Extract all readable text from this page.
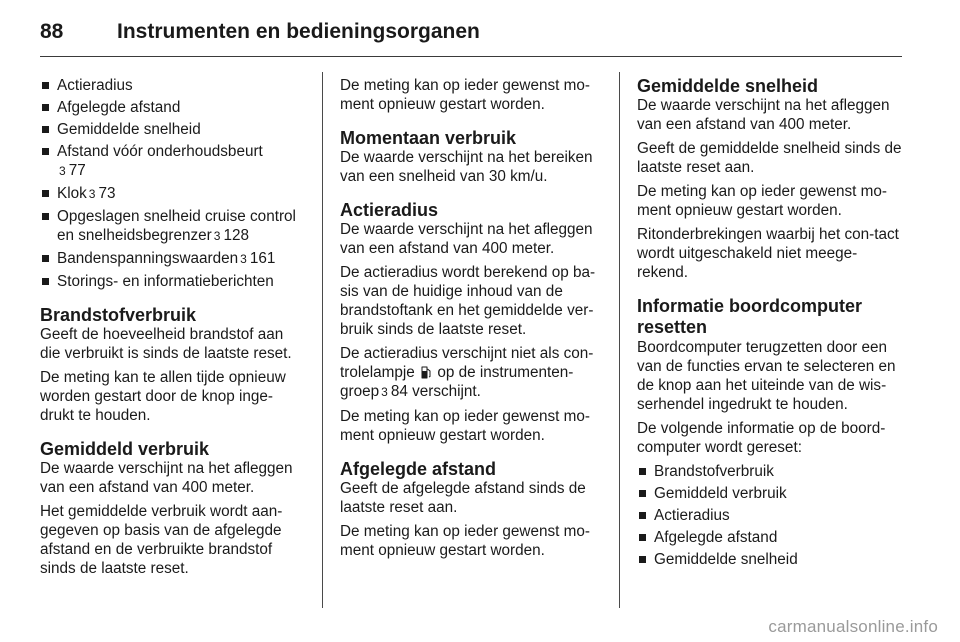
88	Instrumenten en bedieningsorganen
Actieradius
Afgelegde afstand
Gemiddelde snelheid
Afstand vóór onderhoudsbeurt
3 77
Klok 3 73
Opgeslagen snelheid cruise control en snelheidsbegrenzer 3 128
Bandenspanningswaarden 3 161
Storings- en informatieberichten
Brandstofverbruik

Geeft de hoeveelheid brandstof aan die verbruikt is sinds de laatste reset.

De meting kan te allen tijde opnieuw worden gestart door de knop inge-drukt te houden.

Gemiddeld verbruik

De waarde verschijnt na het afleggen van een afstand van 400 meter.

Het gemiddelde verbruik wordt aan-gegeven op basis van de afgelegde afstand en de verbruikte brandstof sinds de laatste reset.

De meting kan op ieder gewenst mo-ment opnieuw gestart worden.

Momentaan verbruik

De waarde verschijnt na het bereiken van een snelheid van 30 km/u.

Actieradius

De waarde verschijnt na het afleggen van een afstand van 400 meter.

De actieradius wordt berekend op ba-sis van de huidige inhoud van de brandstoftank en het gemiddelde ver-bruik sinds de laatste reset.

De actieradius verschijnt niet als con-trolelampje op de instrumenten-groep 3 84 verschijnt.

De meting kan op ieder gewenst mo-ment opnieuw gestart worden.

Afgelegde afstand

Geeft de afgelegde afstand sinds de laatste reset aan.

De meting kan op ieder gewenst mo-ment opnieuw gestart worden.

Gemiddelde snelheid

De waarde verschijnt na het afleggen van een afstand van 400 meter.

Geeft de gemiddelde snelheid sinds de laatste reset aan.

De meting kan op ieder gewenst mo-ment opnieuw gestart worden.

Ritonderbrekingen waarbij het con-tact wordt uitgeschakeld niet meege-rekend.

Informatie boordcomputer resetten

Boordcomputer terugzetten door een van de functies ervan te selecteren en de knop aan het uiteinde van de wis-serhendel ingedrukt te houden.

De volgende informatie op de boord-computer wordt gereset:

Brandstofverbruik
Gemiddeld verbruik
Actieradius
Afgelegde afstand
Gemiddelde snelheid
carmanualsonline.info
